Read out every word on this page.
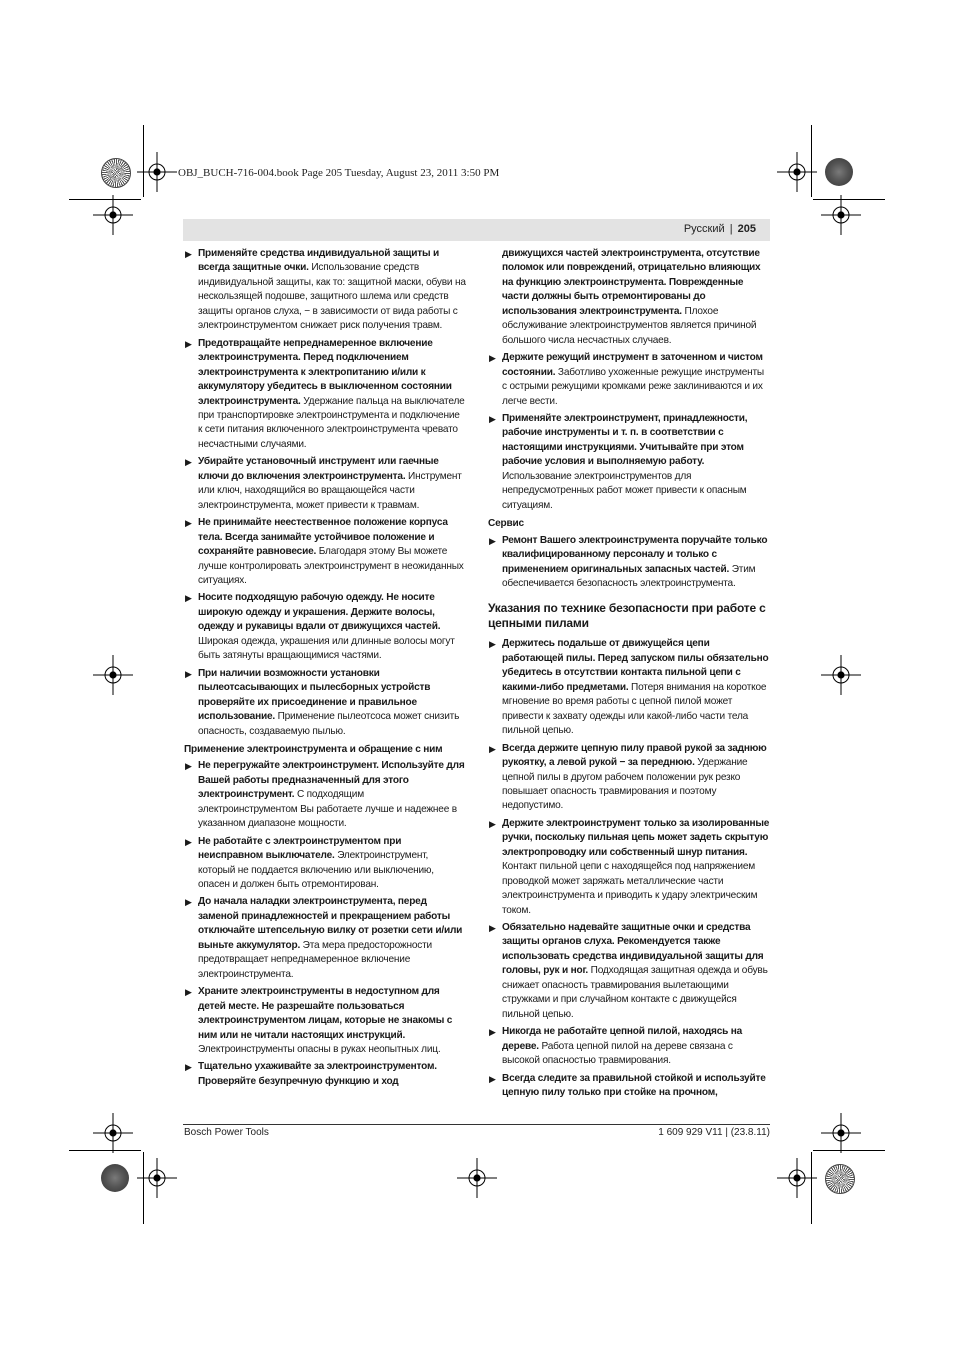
OBJ_BUCH-716-004.book Page 205 Tuesday, August 23, 2011 3:50 PM
Русский | 205
▶ Применяйте средства индивидуальной защиты и всегда защитные очки. Использование средств индивидуальной защиты, как то: защитной маски, обуви на нескользящей подошве, защитного шлема или средств защиты органов слуха, − в зависимости от вида работы с электроинструментом снижает риск получения травм.
▶ Предотвращайте непреднамеренное включение электроинструмента. Перед подключением электроинструмента к электропитанию и/или к аккумулятору убедитесь в выключенном состоянии электроинструмента. Удержание пальца на выключателе при транспортировке электроинструмента и подключение к сети питания включенного электроинструмента чревато несчастными случаями.
▶ Убирайте установочный инструмент или гаечные ключи до включения электроинструмента. Инструмент или ключ, находящийся во вращающейся части электроинструмента, может привести к травмам.
▶ Не принимайте неестественное положение корпуса тела. Всегда занимайте устойчивое положение и сохраняйте равновесие. Благодаря этому Вы можете лучше контролировать электроинструмент в неожиданных ситуациях.
▶ Носите подходящую рабочую одежду. Не носите широкую одежду и украшения. Держите волосы, одежду и рукавицы вдали от движущихся частей. Широкая одежда, украшения или длинные волосы могут быть затянуты вращающимися частями.
▶ При наличии возможности установки пылеотсасывающих и пылесборных устройств проверяйте их присоединение и правильное использование. Применение пылеотсоса может снизить опасность, создаваемую пылью.
Применение электроинструмента и обращение с ним
▶ Не перегружайте электроинструмент. Используйте для Вашей работы предназначенный для этого электроинструмент. С подходящим электроинструментом Вы работаете лучше и надежнее в указанном диапазоне мощности.
▶ Не работайте с электроинструментом при неисправном выключателе. Электроинструмент, который не поддается включению или выключению, опасен и должен быть отремонтирован.
▶ До начала наладки электроинструмента, перед заменой принадлежностей и прекращением работы отключайте штепсельную вилку от розетки сети и/или выньте аккумулятор. Эта мера предосторожности предотвращает непреднамеренное включение электроинструмента.
▶ Храните электроинструменты в недоступном для детей месте. Не разрешайте пользоваться электроинструментом лицам, которые не знакомы с ним или не читали настоящих инструкций. Электроинструменты опасны в руках неопытных лиц.
▶ Тщательно ухаживайте за электроинструментом. Проверяйте безупречную функцию и ход
движущихся частей электроинструмента, отсутствие поломок или повреждений, отрицательно влияющих на функцию электроинструмента. Поврежденные части должны быть отремонтированы до использования электроинструмента. Плохое обслуживание электроинструментов является причиной большого числа несчастных случаев.
▶ Держите режущий инструмент в заточенном и чистом состоянии. Заботливо ухоженные режущие инструменты с острыми режущими кромками реже заклиниваются и их легче вести.
▶ Применяйте электроинструмент, принадлежности, рабочие инструменты и т. п. в соответствии с настоящими инструкциями. Учитывайте при этом рабочие условия и выполняемую работу. Использование электроинструментов для непредусмотренных работ может привести к опасным ситуациям.
Сервис
▶ Ремонт Вашего электроинструмента поручайте только квалифицированному персоналу и только с применением оригинальных запасных частей. Этим обеспечивается безопасность электроинструмента.
Указания по технике безопасности при работе с цепными пилами
▶ Держитесь подальше от движущейся цепи работающей пилы. Перед запуском пилы обязательно убедитесь в отсутствии контакта пильной цепи с какими-либо предметами. Потеря внимания на короткое мгновение во время работы с цепной пилой может привести к захвату одежды или какой-либо части тела пильной цепью.
▶ Всегда держите цепную пилу правой рукой за заднюю рукоятку, а левой рукой − за переднюю. Удержание цепной пилы в другом рабочем положении рук резко повышает опасность травмирования и поэтому недопустимо.
▶ Держите электроинструмент только за изолированные ручки, поскольку пильная цепь может задеть скрытую электропроводку или собственный шнур питания. Контакт пильной цепи с находящейся под напряжением проводкой может заряжать металлические части электроинструмента и приводить к удару электрическим током.
▶ Обязательно надевайте защитные очки и средства защиты органов слуха. Рекомендуется также использовать средства индивидуальной защиты для головы, рук и ног. Подходящая защитная одежда и обувь снижает опасность травмирования вылетающими стружками и при случайном контакте с движущейся пильной цепью.
▶ Никогда не работайте цепной пилой, находясь на дереве. Работа цепной пилой на дереве связана с высокой опасностью травмирования.
▶ Всегда следите за правильной стойкой и используйте цепную пилу только при стойке на прочном,
Bosch Power Tools	1 609 929 V11 | (23.8.11)
